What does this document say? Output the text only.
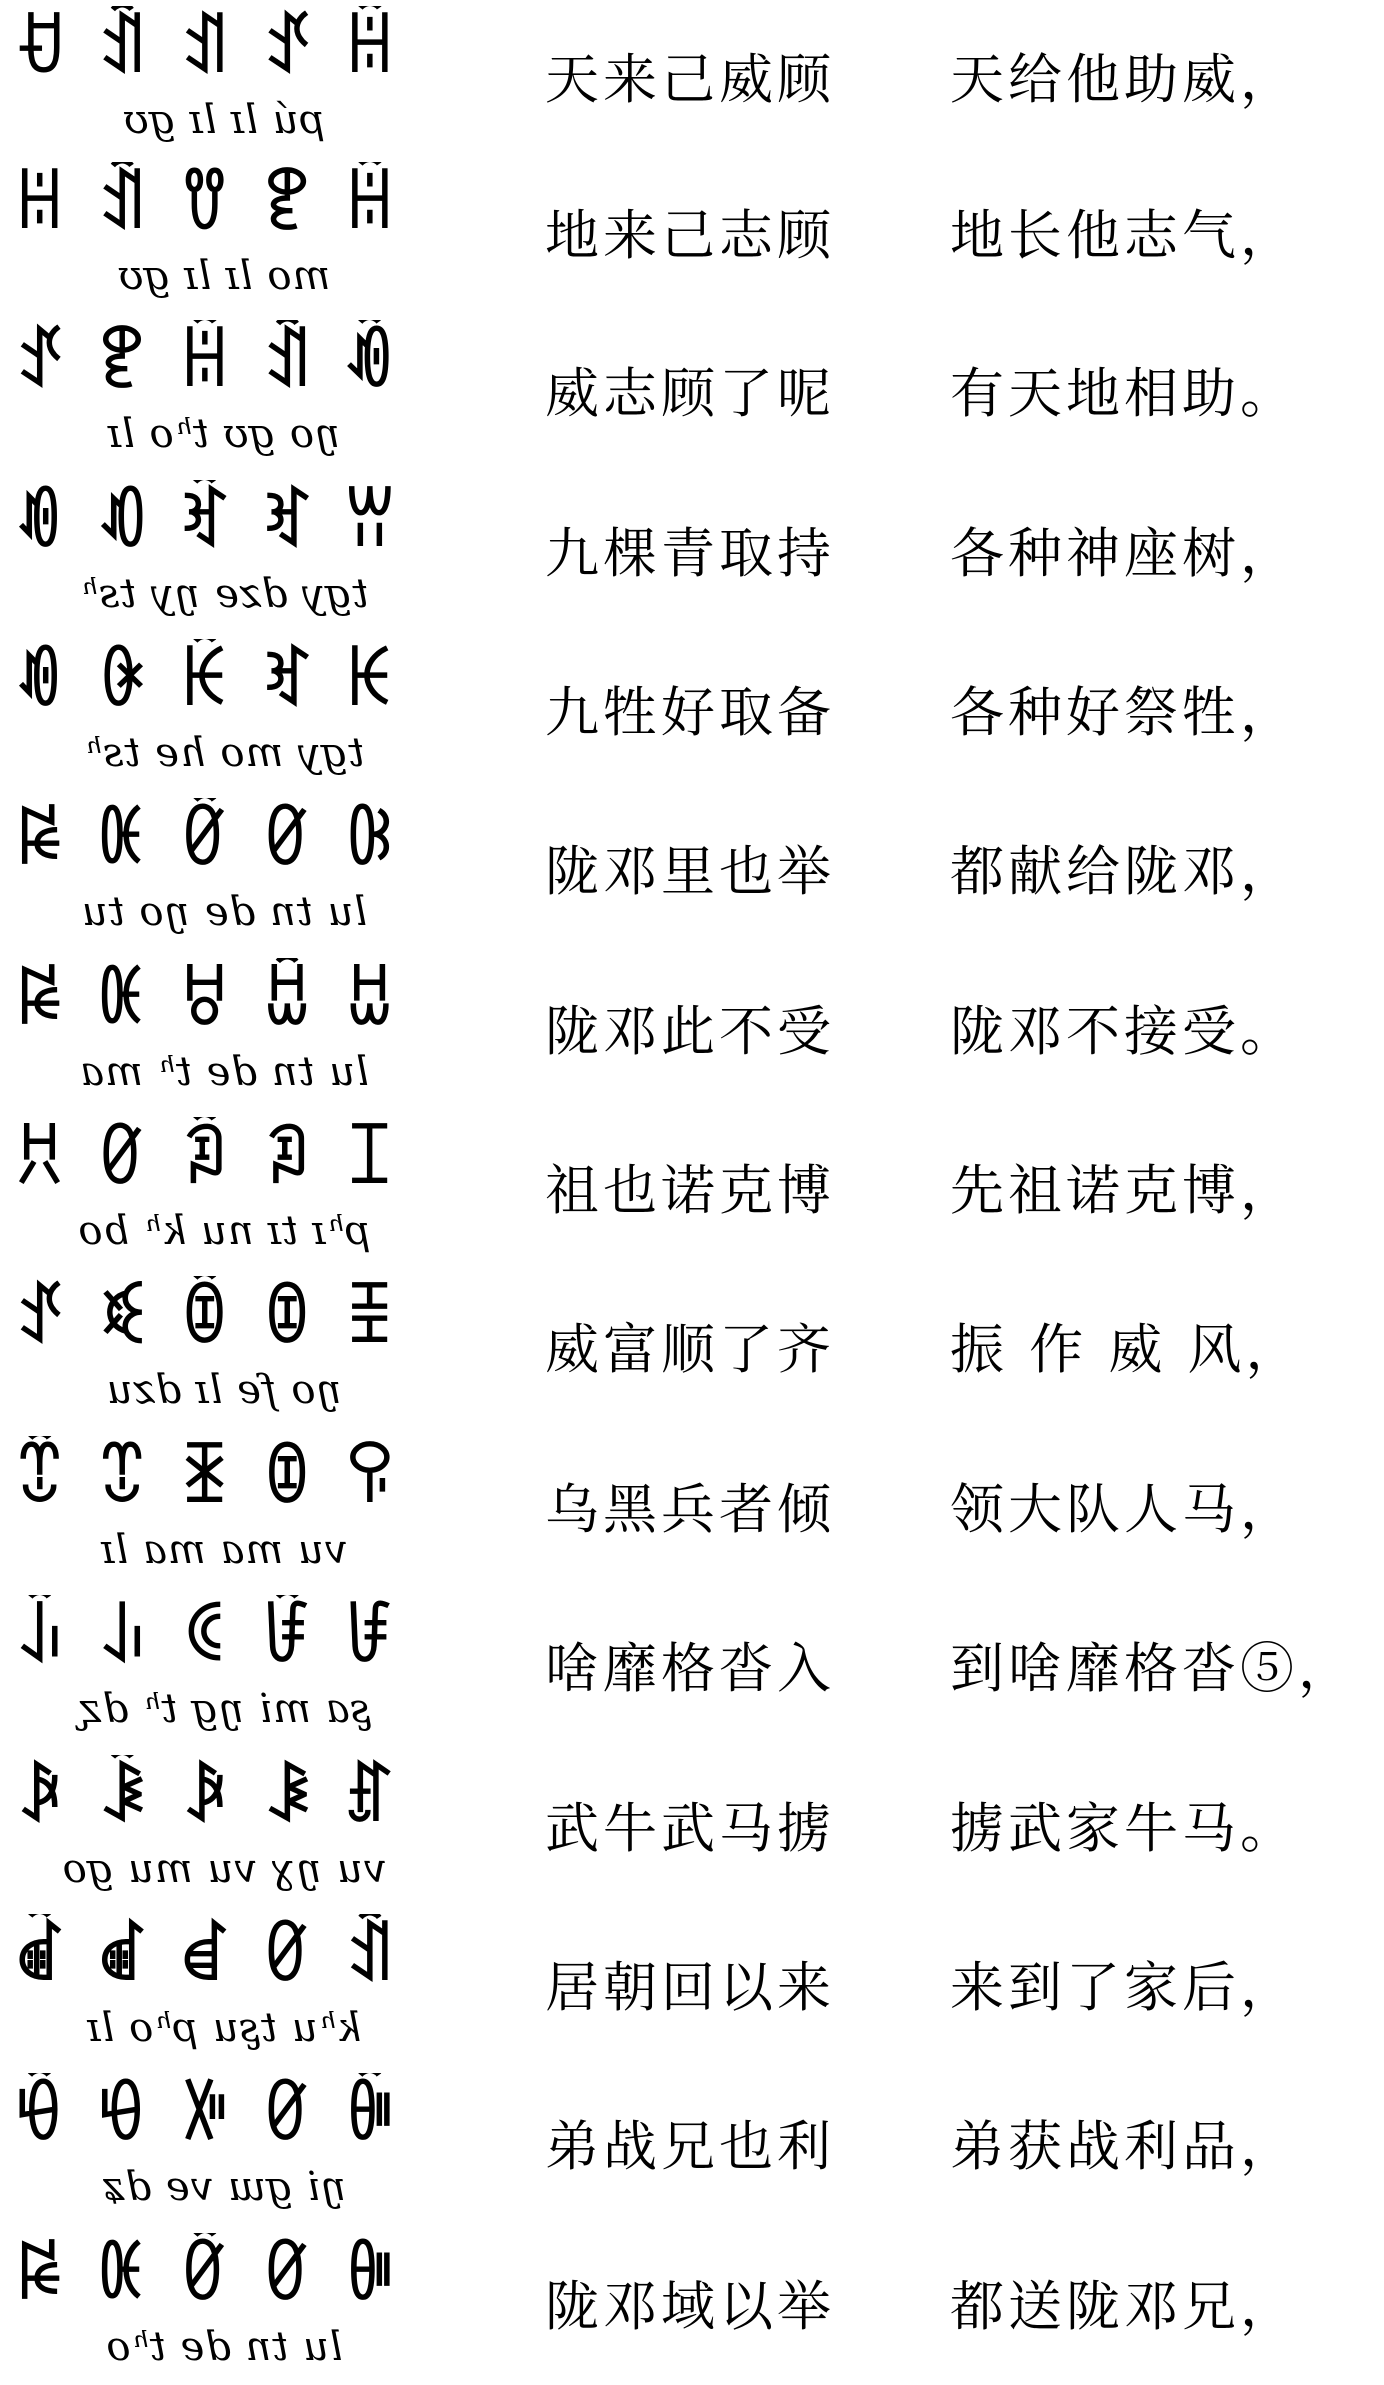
ꀀ ꀉ ꀊ ꀋ ꀌ
pú lɪ lɪ ɡʊ
天来己威顾 天给他助威，
ꀍ ꀉ ꀎ ꀏ ꀌ
mo lɪ lɪ ɡʊ
地来己志顾 地长他志气，
ꀋ ꀏ ꀌ ꀉ ꀐ
ŋo ɡʊ tʰo lɪ
威志顾了呢 有天地相助。
ꀑ ꀒ ꀓ ꀔ ꀕ
tɡy dze ŋy tsʰ
九棵青取持 各种神座树，
ꀑ ꀖ ꀗ ꀔ ꀘ
tɡy mo he tsʰ
九牲好取备 各种好祭牲，
ꀙ ꀚ ꀛ ꀜ ꀝ
lu tn de ŋo tu
陇邓里也举 都献给陇邓，
ꀙ ꀚ ꀞ ꀟ ꀠ
lu tn de tʰ ma
陇邓此不受 陇邓不接受。
ꀡ ꀜ ꀢ ꀣ ꀤ
pʰɪ tɪ nu kʰ bo
祖也诺克博 先祖诺克博，
ꀋ ꀥ ꀦ ꀧ ꀨ
ŋo fe lɪ dzu
威富顺了齐 振 作 威 风，
ꀩ ꀪ ꀫ ꀧ ꀬ
vu ma ma lɪ
乌黑兵者倾 领大队人马，
ꀭ ꀮ ꀯ ꀰ ꀱ
ʂa mi ŋɡ tʰ dʐ
啥靡格沓入 到啥靡格沓⑤，
ꀲ ꀳ ꀲ ꀴ ꀵ
vu ŋɣ vu mu ɡo
武牛武马掳 掳武家牛马。
ꀶ ꀷ ꀸ ꀜ ꀉ
kʰu tʂu pʰo lɪ
居朝回以来 来到了家后，
ꀹ ꀺ ꀻ ꀜ ꀼ
ŋi ɡɯ ve dʑ
弟战兄也利 弟获战利品，
ꀙ ꀚ ꀛ ꀜ ꀽ
lu tn de tʰo
陇邓域以举 都送陇邓兄，
